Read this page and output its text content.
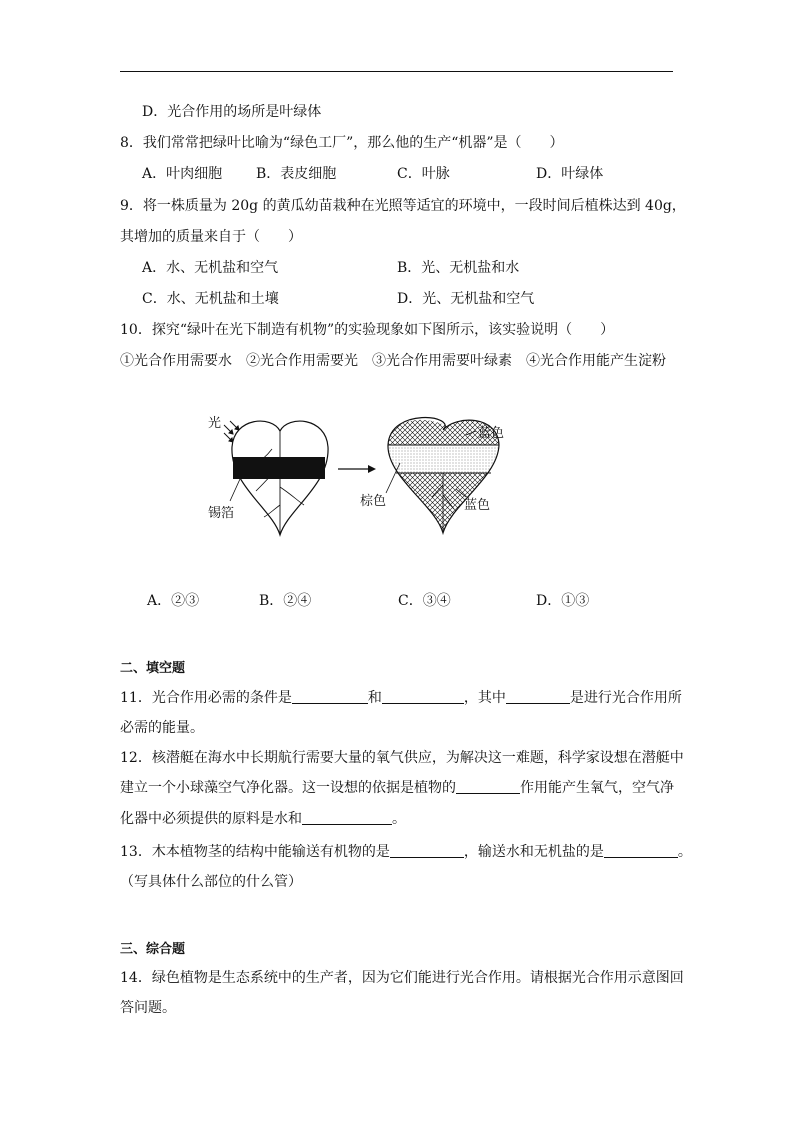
D．光合作用的场所是叶绿体
8．我们常常把绿叶比喻为“绿色工厂”，那么他的生产“机器”是（　　）
A．叶肉细胞 B．表皮细胞	C．叶脉	D．叶绿体
9．将一株质量为 20g 的黄瓜幼苗栽种在光照等适宜的环境中，一段时间后植株达到 40g，
其增加的质量来自于（　　）
A．水、无机盐和空气	B．光、无机盐和水
C．水、无机盐和土壤	D．光、无机盐和空气
10．探究“绿叶在光下制造有机物”的实验现象如下图所示，该实验说明（　　）
①光合作用需要水　②光合作用需要光　③光合作用需要叶绿素　④光合作用能产生淀粉
光
锡箔
蓝色
棕色	蓝色
A．②③	B．②④	C．③④	D．①③
二、填空题
11．光合作用必需的条件是	和	，其中	是进行光合作用所
必需的能量。
12．核潜艇在海水中长期航行需要大量的氧气供应，为解决这一难题，科学家设想在潜艇中
建立一个小球藻空气净化器。这一设想的依据是植物的	作用能产生氧气，空气净
化器中必须提供的原料是水和	。
13．木本植物茎的结构中能输送有机物的是	，输送水和无机盐的是	。
（写具体什么部位的什么管）
三、综合题
14．绿色植物是生态系统中的生产者，因为它们能进行光合作用。请根据光合作用示意图回
答问题。
